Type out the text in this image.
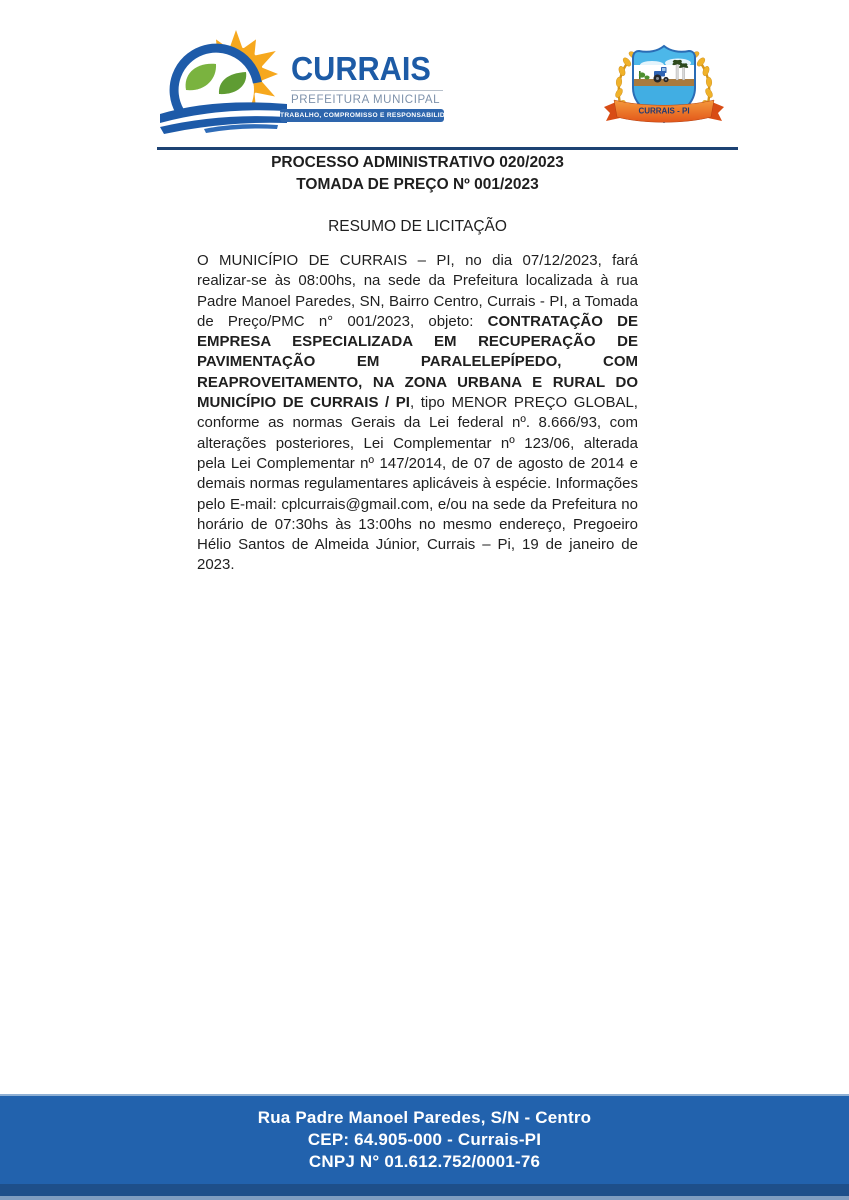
CURRAIS
PREFEITURA MUNICIPAL
TRABALHO, COMPROMISSO E RESPONSABILIDADE	CURRAIS - PI
PROCESSO ADMINISTRATIVO 020/2023
TOMADA DE PREÇO Nº 001/2023
RESUMO DE LICITAÇÃO

O MUNICÍPIO DE CURRAIS – PI, no dia 07/12/2023, fará realizar-se às 08:00hs, na sede da Prefeitura localizada à rua Padre Manoel Paredes, SN, Bairro Centro, Currais - PI, a Tomada de Preço/PMC n° 001/2023, objeto: CONTRATAÇÃO DE EMPRESA ESPECIALIZADA EM RECUPERAÇÃO DE PAVIMENTAÇÃO EM PARALELEPÍPEDO, COM REAPROVEITAMENTO, NA ZONA URBANA E RURAL DO MUNICÍPIO DE CURRAIS / PI, tipo MENOR PREÇO GLOBAL, conforme as normas Gerais da Lei federal nº. 8.666/93, com alterações posteriores, Lei Complementar nº 123/06, alterada pela Lei Complementar nº 147/2014, de 07 de agosto de 2014 e demais normas regulamentares aplicáveis à espécie. Informações pelo E-mail: cplcurrais@gmail.com, e/ou na sede da Prefeitura no horário de 07:30hs às 13:00hs no mesmo endereço, Pregoeiro Hélio Santos de Almeida Júnior, Currais – Pi, 19 de janeiro de 2023.

Rua Padre Manoel Paredes, S/N - Centro
CEP: 64.905-000 - Currais-PI
CNPJ N° 01.612.752/0001-76
